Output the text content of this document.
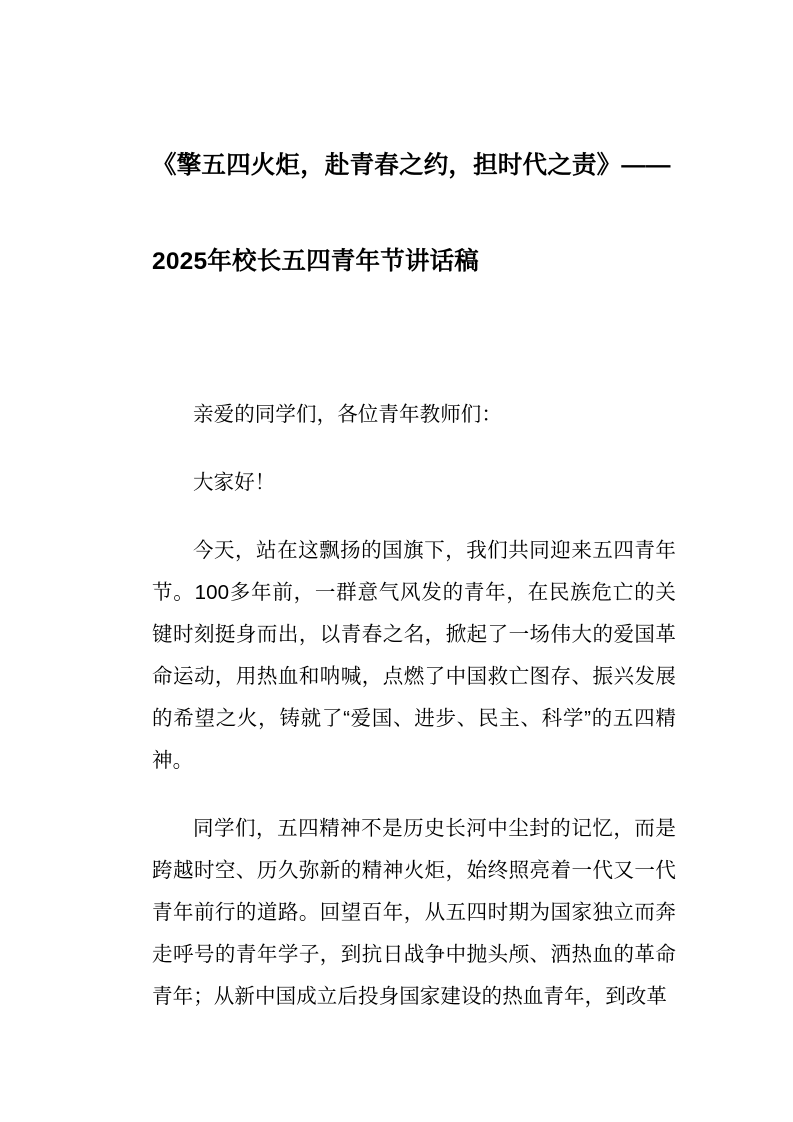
《擎五四火炬，赴青春之约，担时代之责》——2025年校长五四青年节讲话稿

亲爱的同学们，各位青年教师们：

大家好！

今天，站在这飘扬的国旗下，我们共同迎来五四青年节。100多年前，一群意气风发的青年，在民族危亡的关键时刻挺身而出，以青春之名，掀起了一场伟大的爱国革命运动，用热血和呐喊，点燃了中国救亡图存、振兴发展的希望之火，铸就了“爱国、进步、民主、科学”的五四精神。

同学们，五四精神不是历史长河中尘封的记忆，而是跨越时空、历久弥新的精神火炬，始终照亮着一代又一代青年前行的道路。回望百年，从五四时期为国家独立而奔走呼号的青年学子，到抗日战争中抛头颅、洒热血的革命青年；从新中国成立后投身国家建设的热血青年，到改革
